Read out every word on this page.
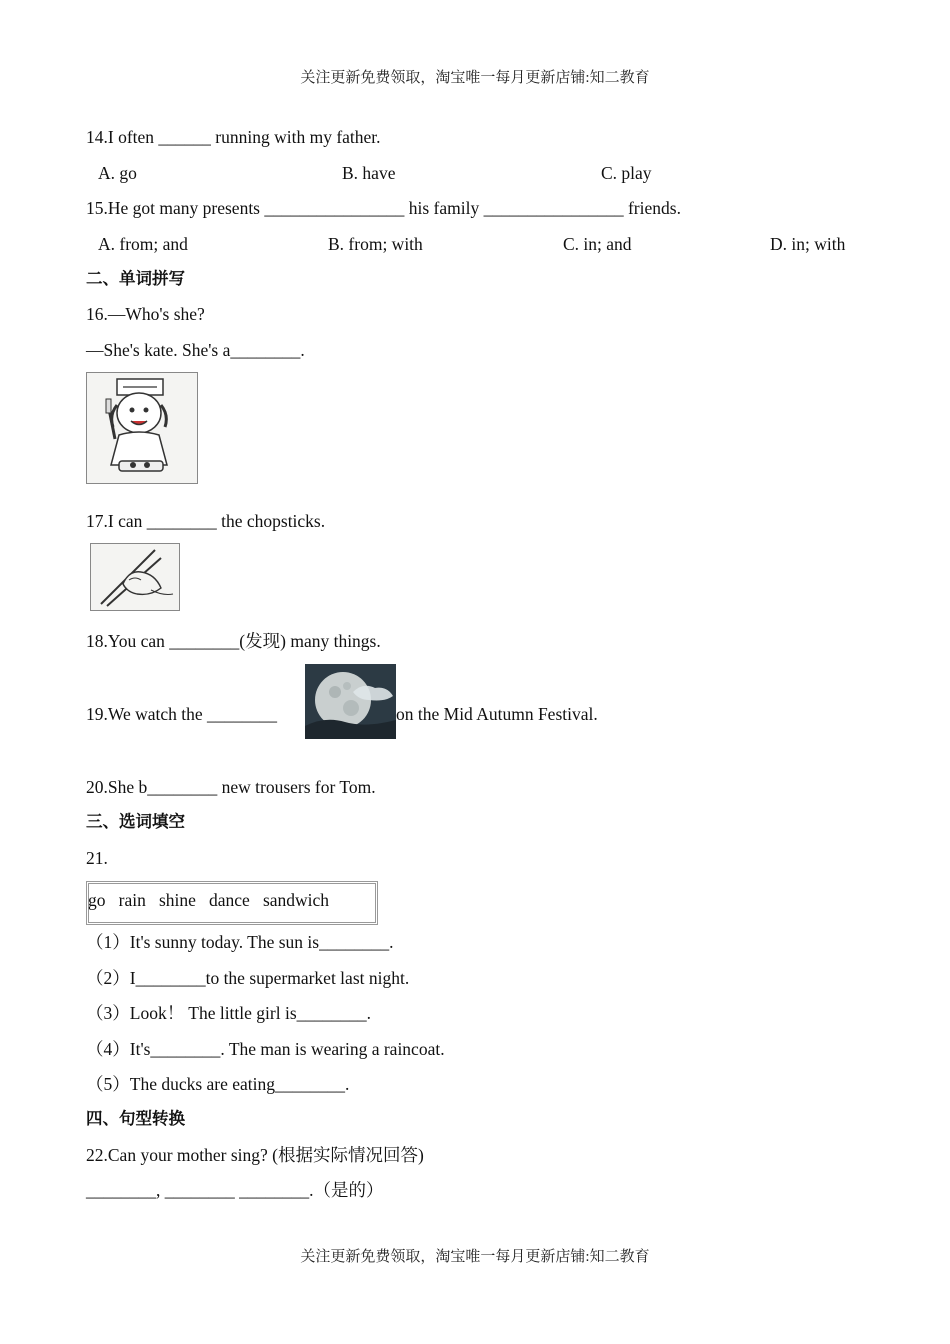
关注更新免费领取，淘宝唯一每月更新店铺:知二教育
14.I often ______ running with my father.
A. go	B. have	C. play
15.He got many presents ________________ his family ________________ friends.
A. from; and	B. from; with	C. in; and	D. in; with
二、单词拼写
16.—Who's she?
—She's kate. She's a________.
17.I can ________ the chopsticks.
18.You can ________(发现) many things.
19.We watch the ________	on the Mid Autumn Festival.
20.She b________ new trousers for Tom.
三、选词填空
21.
go   rain   shine   dance   sandwich
（1）It's sunny today. The sun is________.
（2）I________to the supermarket last night.
（3）Look！ The little girl is________.
（4）It's________. The man is wearing a raincoat.
（5）The ducks are eating________.
四、句型转换
22.Can your mother sing? (根据实际情况回答)
________, ________ ________.（是的）
关注更新免费领取，淘宝唯一每月更新店铺:知二教育
